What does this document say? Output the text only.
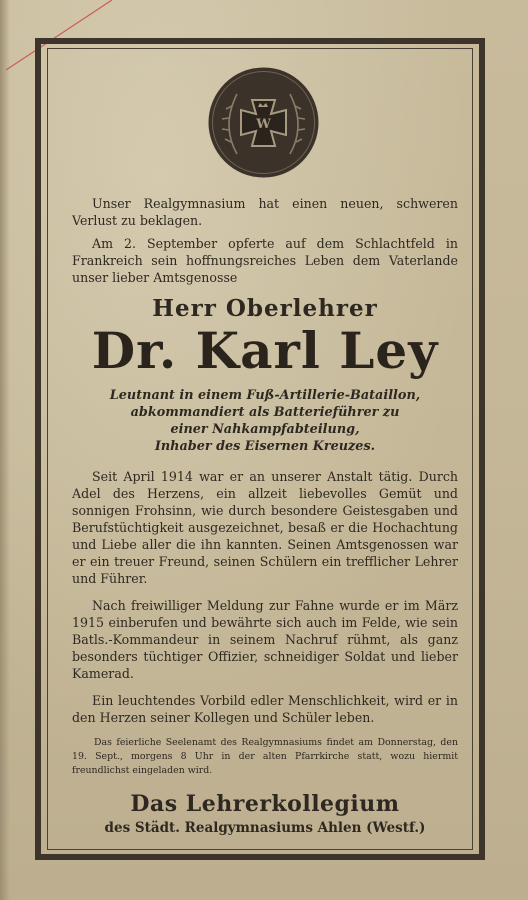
W

Unser Realgymnasium hat einen neuen, schweren Verlust zu beklagen.

Am 2. September opferte auf dem Schlachtfeld in Frankreich sein hoffnungsreiches Leben dem Vaterlande unser lieber Amtsgenosse

Herr Oberlehrer
Dr. Karl Ley
Leutnant in einem Fuß-Artillerie-Bataillon,
abkommandiert als Batterieführer zu
einer Nahkampfabteilung,
Inhaber des Eisernen Kreuzes.

Seit April 1914 war er an unserer Anstalt tätig. Durch Adel des Herzens, ein allzeit liebevolles Gemüt und sonnigen Frohsinn, wie durch besondere Geistesgaben und Berufstüchtigkeit ausgezeichnet, besaß er die Hochachtung und Liebe aller die ihn kannten. Seinen Amtsgenossen war er ein treuer Freund, seinen Schülern ein trefflicher Lehrer und Führer.

Nach freiwilliger Meldung zur Fahne wurde er im März 1915 einberufen und bewährte sich auch im Felde, wie sein Batls.-Kommandeur in seinem Nachruf rühmt, als ganz besonders tüchtiger Offizier, schneidiger Soldat und lieber Kamerad.

Ein leuchtendes Vorbild edler Menschlichkeit, wird er in den Herzen seiner Kollegen und Schüler leben.

Das feierliche Seelenamt des Realgymnasiums findet am Donnerstag, den 19. Sept., morgens 8 Uhr in der alten Pfarrkirche statt, wozu hiermit freundlichst eingeladen wird.

Das Lehrerkollegium
des Städt. Realgymnasiums Ahlen (Westf.)
